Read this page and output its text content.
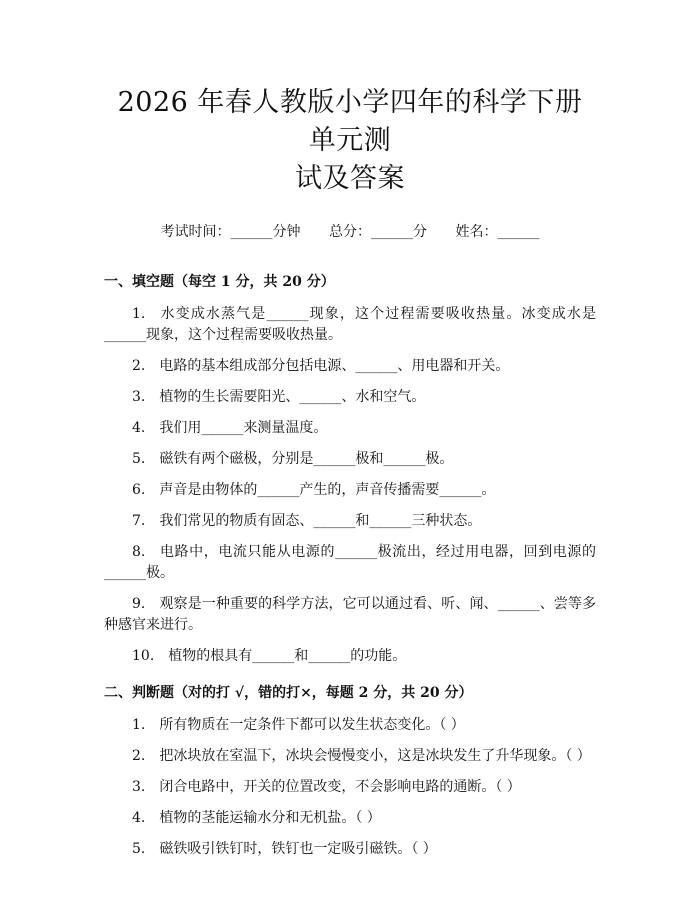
2026 年春人教版小学四年的科学下册单元测
试及答案
考试时间：______分钟 总分：______分 姓名：______
一、填空题（每空 1 分，共 20 分）
1. 水变成水蒸气是______现象，这个过程需要吸收热量。冰变成水是______现象，这个过程需要吸收热量。
2. 电路的基本组成部分包括电源、______、用电器和开关。
3. 植物的生长需要阳光、______、水和空气。
4. 我们用______来测量温度。
5. 磁铁有两个磁极，分别是______极和______极。
6. 声音是由物体的______产生的，声音传播需要______。
7. 我们常见的物质有固态、______和______三种状态。
8. 电路中，电流只能从电源的______极流出，经过用电器，回到电源的______极。
9. 观察是一种重要的科学方法，它可以通过看、听、闻、______、尝等多种感官来进行。
10. 植物的根具有______和______的功能。
二、判断题（对的打 √，错的打×，每题 2 分，共 20 分）
1. 所有物质在一定条件下都可以发生状态变化。（ ）
2. 把冰块放在室温下，冰块会慢慢变小，这是冰块发生了升华现象。（ ）
3. 闭合电路中，开关的位置改变，不会影响电路的通断。（ ）
4. 植物的茎能运输水分和无机盐。（ ）
5. 磁铁吸引铁钉时，铁钉也一定吸引磁铁。（ ）
